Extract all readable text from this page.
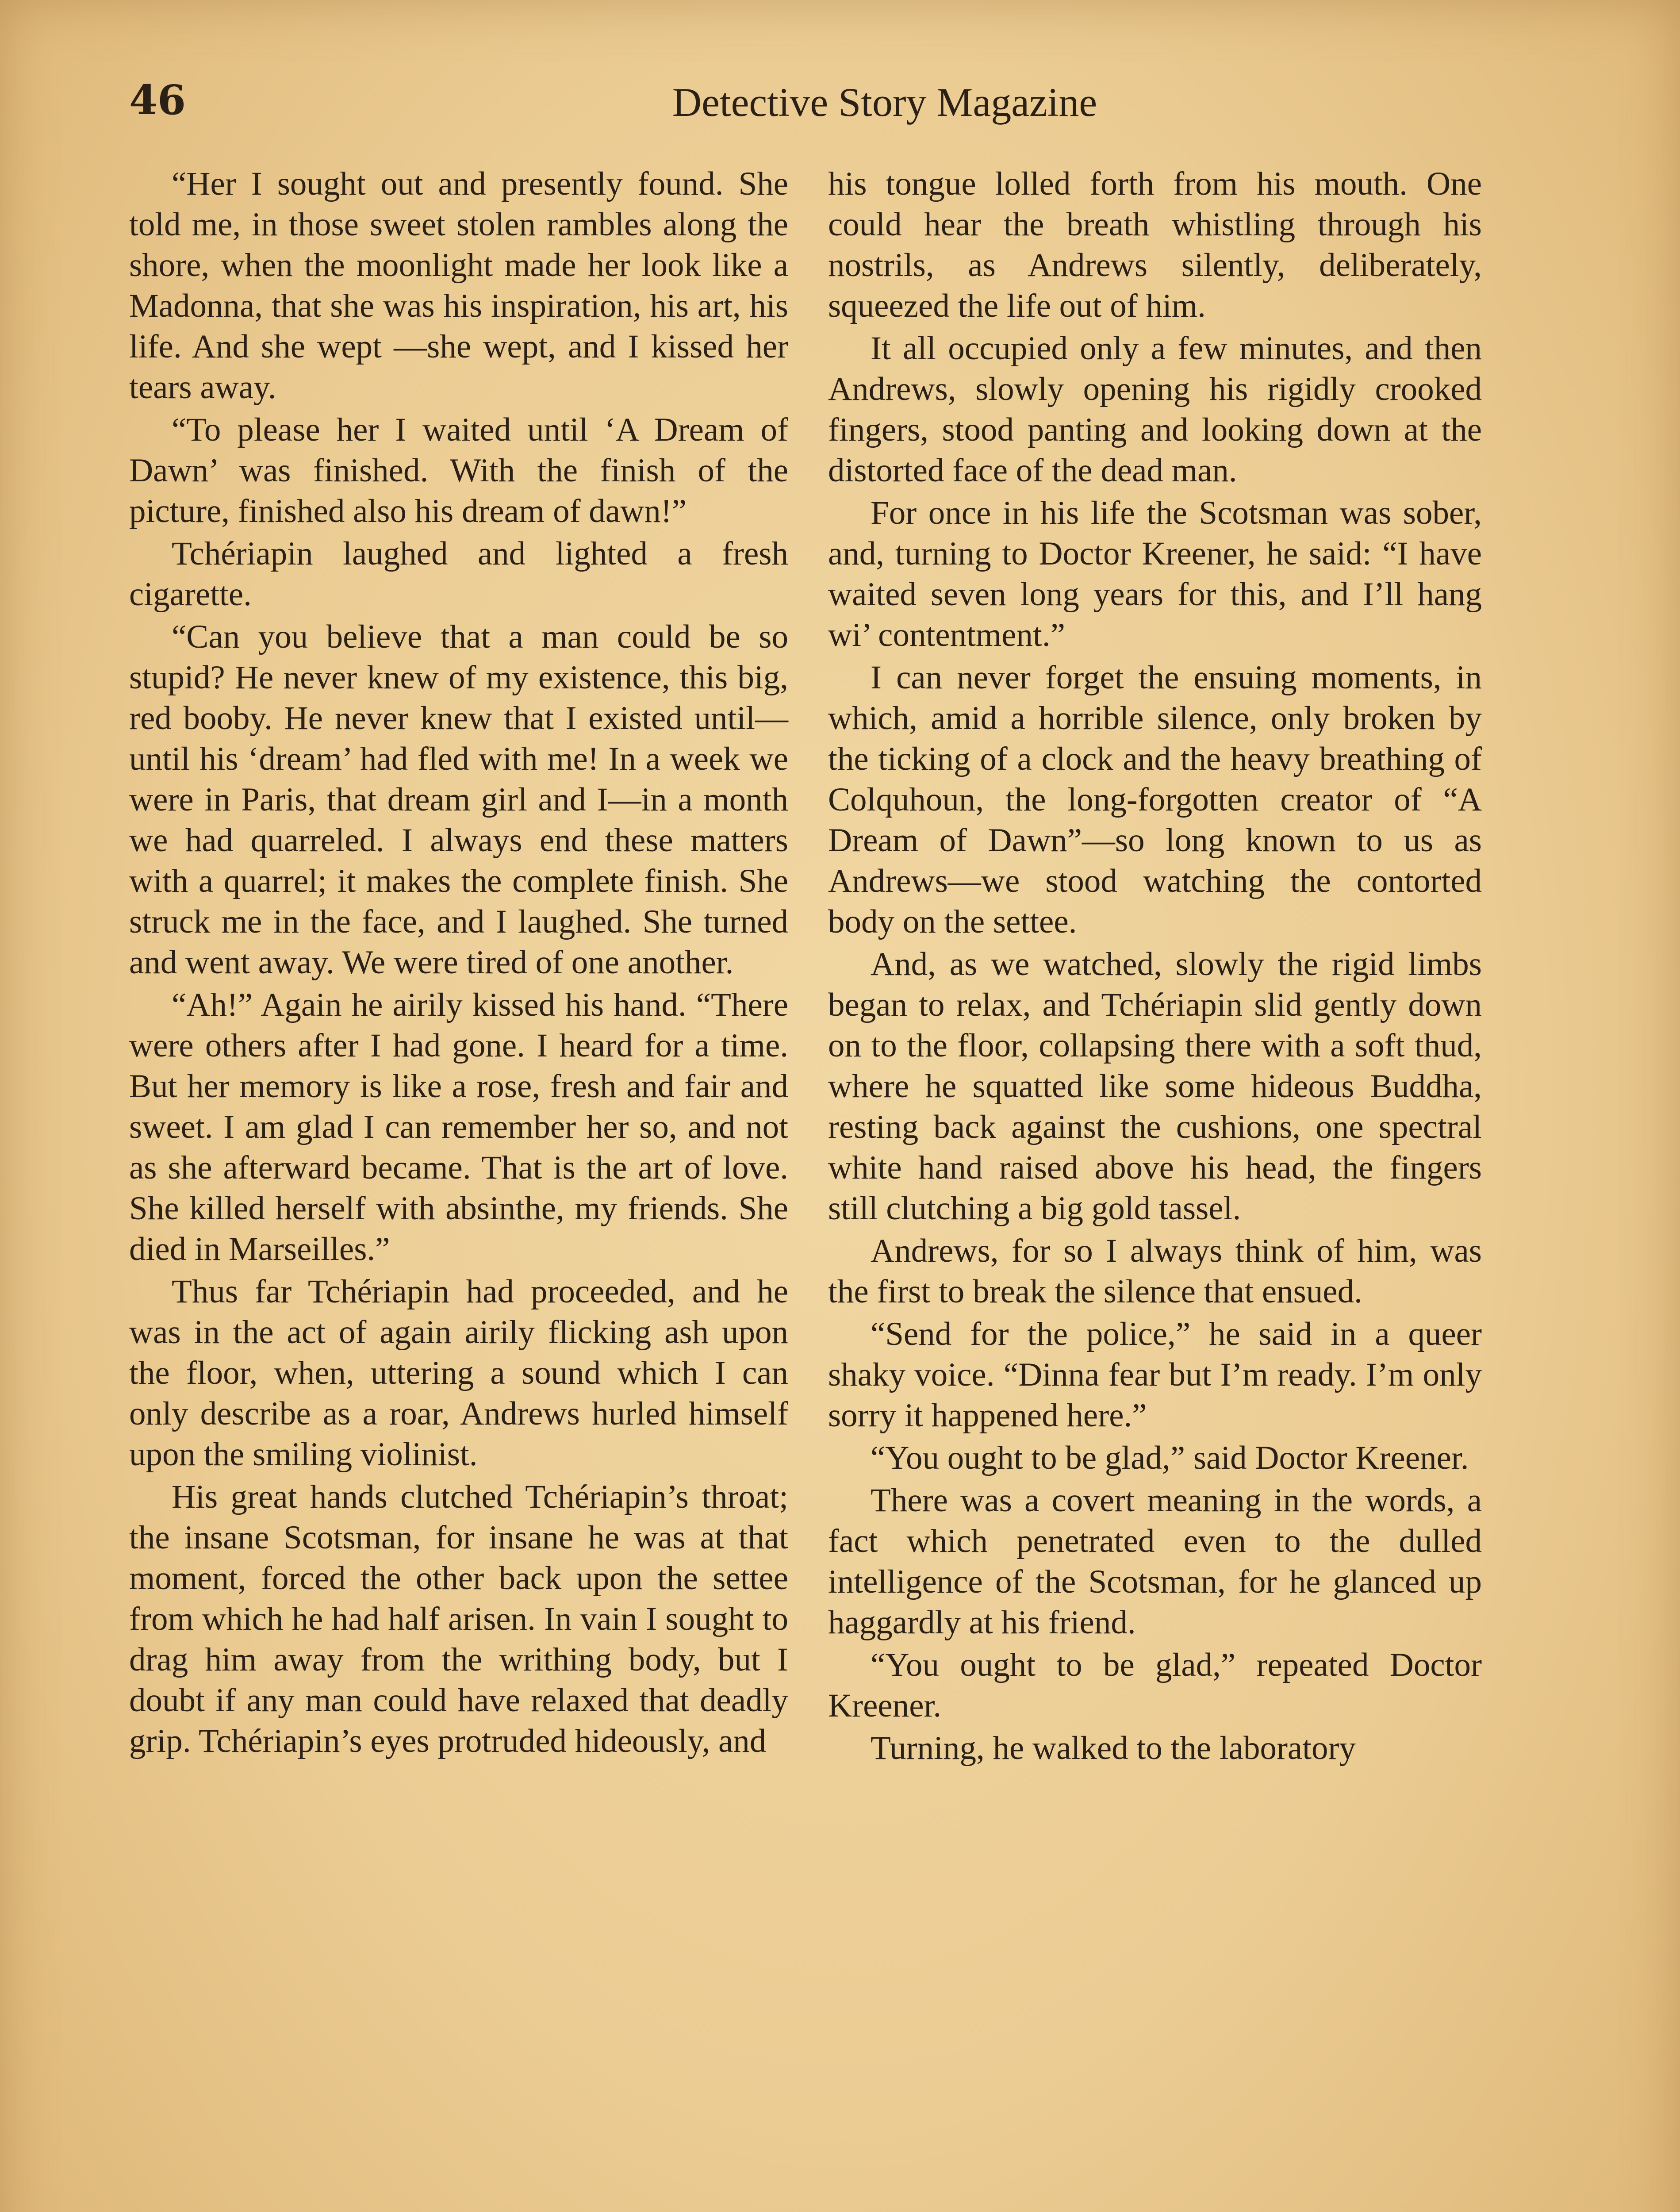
46	Detective Story Magazine

“Her I sought out and presently found. She told me, in those sweet stolen rambles along the shore, when the moonlight made her look like a Madonna, that she was his inspiration, his art, his life. And she wept —she wept, and I kissed her tears away.

“To please her I waited until ‘A Dream of Dawn’ was finished. With the finish of the picture, finished also his dream of dawn!”

Tchériapin laughed and lighted a fresh cigarette.

“Can you believe that a man could be so stupid? He never knew of my existence, this big, red booby. He never knew that I existed until—until his ‘dream’ had fled with me! In a week we were in Paris, that dream girl and I—in a month we had quarreled. I always end these matters with a quarrel; it makes the complete finish. She struck me in the face, and I laughed. She turned and went away. We were tired of one another.

“Ah!” Again he airily kissed his hand. “There were others after I had gone. I heard for a time. But her memory is like a rose, fresh and fair and sweet. I am glad I can remember her so, and not as she afterward became. That is the art of love. She killed herself with absinthe, my friends. She died in Marseilles.”

Thus far Tchériapin had proceeded, and he was in the act of again airily flicking ash upon the floor, when, uttering a sound which I can only describe as a roar, Andrews hurled himself upon the smiling violinist.

His great hands clutched Tchériapin’s throat; the insane Scotsman, for insane he was at that moment, forced the other back upon the settee from which he had half arisen. In vain I sought to drag him away from the writhing body, but I doubt if any man could have relaxed that deadly grip. Tchériapin’s eyes protruded hideously, and

his tongue lolled forth from his mouth. One could hear the breath whistling through his nostrils, as Andrews silently, deliberately, squeezed the life out of him.

It all occupied only a few minutes, and then Andrews, slowly opening his rigidly crooked fingers, stood panting and looking down at the distorted face of the dead man.

For once in his life the Scotsman was sober, and, turning to Doctor Kreener, he said: “I have waited seven long years for this, and I’ll hang wi’ contentment.”

I can never forget the ensuing moments, in which, amid a horrible silence, only broken by the ticking of a clock and the heavy breathing of Colquhoun, the long-forgotten creator of “A Dream of Dawn”—so long known to us as Andrews—we stood watching the contorted body on the settee.

And, as we watched, slowly the rigid limbs began to relax, and Tchériapin slid gently down on to the floor, collapsing there with a soft thud, where he squatted like some hideous Buddha, resting back against the cushions, one spectral white hand raised above his head, the fingers still clutching a big gold tassel.

Andrews, for so I always think of him, was the first to break the silence that ensued.

“Send for the police,” he said in a queer shaky voice. “Dinna fear but I’m ready. I’m only sorry it happened here.”

“You ought to be glad,” said Doctor Kreener.

There was a covert meaning in the words, a fact which penetrated even to the dulled intelligence of the Scotsman, for he glanced up haggardly at his friend.

“You ought to be glad,” repeated Doctor Kreener.

Turning, he walked to the laboratory
